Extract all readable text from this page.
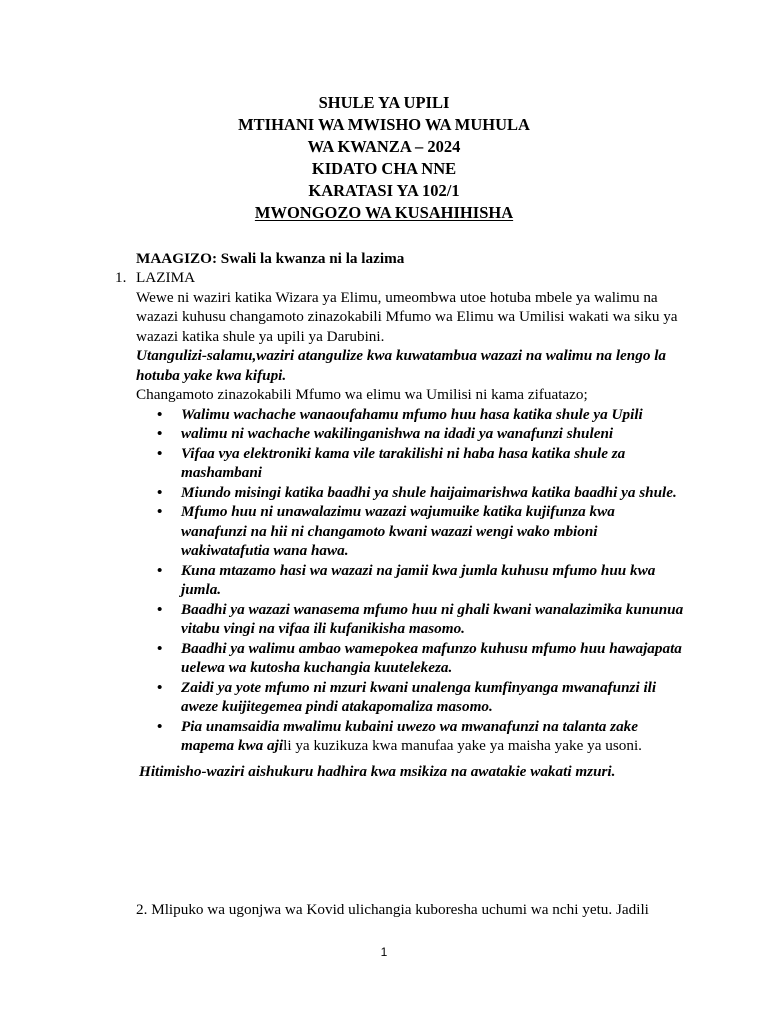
SHULE YA UPILI
MTIHANI WA MWISHO WA MUHULA
WA KWANZA – 2024
KIDATO CHA NNE
KARATASI YA 102/1
MWONGOZO WA KUSAHIHISHA
MAAGIZO: Swali la kwanza ni la lazima
1. LAZIMA

Wewe ni waziri katika Wizara ya Elimu, umeombwa utoe hotuba mbele ya walimu na wazazi kuhusu changamoto zinazokabili Mfumo wa Elimu wa Umilisi wakati wa siku ya wazazi katika shule ya upili ya Darubini.

Utangulizi-salamu,waziri atangulize kwa kuwatambua wazazi na walimu na lengo la hotuba yake kwa kifupi.

Changamoto zinazokabili Mfumo wa elimu wa Umilisi ni kama zifuatazo;

• Walimu wachache wanaoufahamu mfumo huu hasa katika shule ya Upili
• walimu ni wachache wakilinganishwa na idadi ya wanafunzi shuleni
• Vifaa vya elektroniki kama vile tarakilishi ni haba hasa katika shule za mashambani
• Miundo misingi katika baadhi ya shule haijaimarishwa katika baadhi ya shule.
• Mfumo huu ni unawalazimu wazazi wajumuike katika kujifunza kwa wanafunzi na hii ni changamoto kwani wazazi wengi wako mbioni wakiwatafutia wana hawa.
• Kuna mtazamo hasi wa wazazi na jamii kwa jumla kuhusu mfumo huu kwa jumla.
• Baadhi ya wazazi wanasema mfumo huu ni ghali kwani wanalazimika kununua vitabu vingi na vifaa ili kufanikisha masomo.
• Baadhi ya walimu ambao wamepokea mafunzo kuhusu mfumo huu hawajapata uelewa wa kutosha kuchangia kuutelekeza.
• Zaidi ya yote mfumo ni mzuri kwani unalenga kumfinyanga mwanafunzi ili aweze kuijitegemea pindi atakapomaliza masomo.
• Pia unamsaidia mwalimu kubaini uwezo wa mwanafunzi na talanta zake mapema kwa ajili ya kuzikuza kwa manufaa yake ya maisha yake ya usoni.
Hitimisho-waziri aishukuru hadhira kwa msikiza na awatakie wakati mzuri.
2. Mlipuko wa ugonjwa wa Kovid ulichangia kuboresha uchumi wa nchi yetu. Jadili
1
